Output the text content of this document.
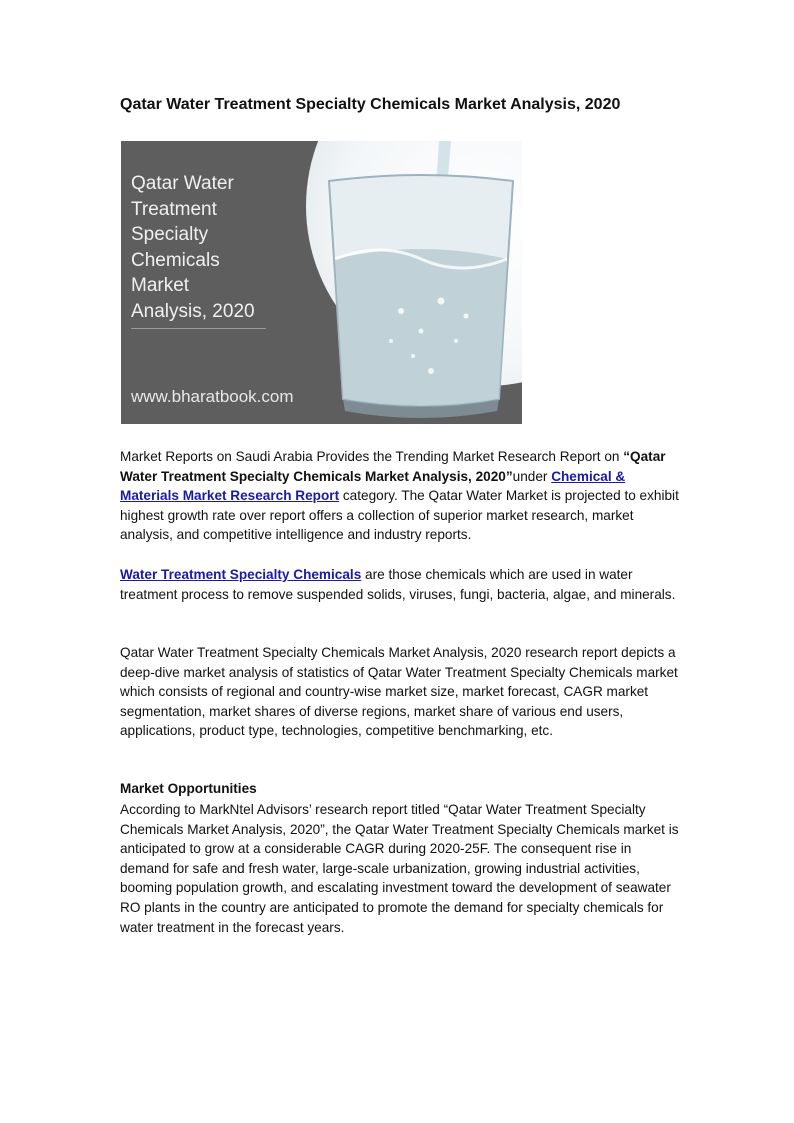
Qatar Water Treatment Specialty Chemicals Market Analysis, 2020
Qatar Water
Treatment
Specialty
Chemicals
Market
Analysis, 2020
www.bharatbook.com

Market Reports on Saudi Arabia Provides the Trending Market Research Report on “Qatar Water Treatment Specialty Chemicals Market Analysis, 2020”under Chemical & Materials Market Research Report category. The Qatar Water Market is projected to exhibit highest growth rate over report offers a collection of superior market research, market analysis, and competitive intelligence and industry reports.

Water Treatment Specialty Chemicals are those chemicals which are used in water treatment process to remove suspended solids, viruses, fungi, bacteria, algae, and minerals.

Qatar Water Treatment Specialty Chemicals Market Analysis, 2020 research report depicts a deep-dive market analysis of statistics of Qatar Water Treatment Specialty Chemicals market which consists of regional and country-wise market size, market forecast, CAGR market segmentation, market shares of diverse regions, market share of various end users, applications, product type, technologies, competitive benchmarking, etc.

Market Opportunities

According to MarkNtel Advisors’ research report titled “Qatar Water Treatment Specialty Chemicals Market Analysis, 2020”, the Qatar Water Treatment Specialty Chemicals market is anticipated to grow at a considerable CAGR during 2020-25F. The consequent rise in demand for safe and fresh water, large-scale urbanization, growing industrial activities, booming population growth, and escalating investment toward the development of seawater RO plants in the country are anticipated to promote the demand for specialty chemicals for water treatment in the forecast years.
